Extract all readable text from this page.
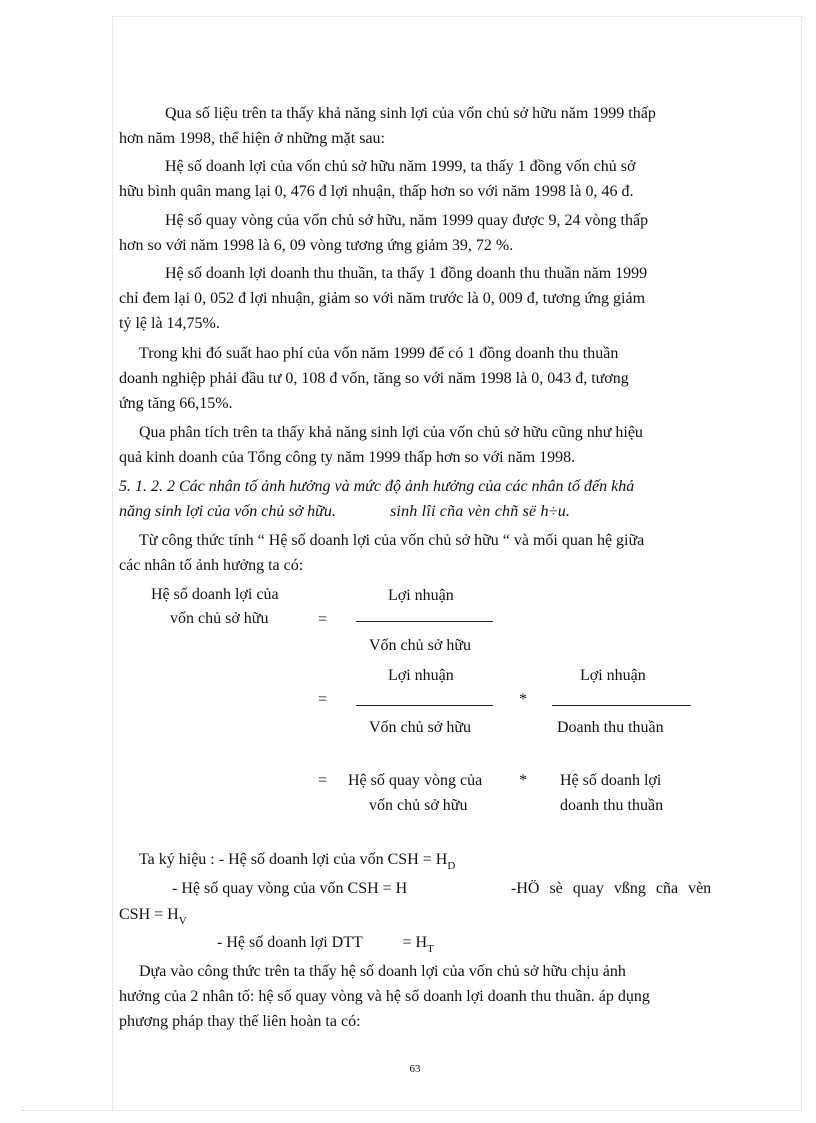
Qua số liệu trên ta thấy khả năng sinh lợi của vốn chủ sở hữu năm 1999 thấp
hơn năm 1998, thể hiện ở những mặt sau:
Hệ số doanh lợi của vốn chủ sở hữu năm 1999, ta thấy 1 đồng vốn chủ sở
hữu bình quân mang lại 0, 476 đ lợi nhuận, thấp hơn so với năm 1998 là 0, 46 đ.
Hệ số quay vòng của vốn chủ sở hữu, năm 1999 quay được 9, 24 vòng thấp
hơn so với năm 1998 là 6, 09 vòng tương ứng giảm 39, 72 %.
Hệ số doanh lợi doanh thu thuần, ta thấy 1 đồng doanh thu thuần năm 1999
chỉ đem lại 0, 052 đ lợi nhuận, giảm so với năm trước là 0, 009 đ, tương ứng giảm
tỷ lệ là 14,75%.
Trong khi đó suất hao phí của vốn năm 1999 để có 1 đồng doanh thu thuần
doanh nghiệp phải đầu tư 0, 108 đ vốn, tăng so với năm 1998 là 0, 043 đ, tương
ứng tăng 66,15%.
Qua phân tích trên ta thấy khả năng sinh lợi của vốn chủ sở hữu cũng như hiệu
quả kinh doanh của Tổng công ty năm 1999 thấp hơn so với năm 1998.
5. 1. 2. 2 Các nhân tố ảnh hưởng và mức độ ảnh hưởng của các nhân tố đến khả
năng sinh lợi của vốn chủ sở hữu.	sinh lîi cña vèn chñ së h÷u.
Từ công thức tính “ Hệ số doanh lợi của vốn chủ sở hữu “ và mối quan hệ giữa
các nhân tố ảnh hưởng ta có:
Hệ số doanh lợi của
vốn chủ sở hữu	=
Lợi nhuận
Vốn chủ sở hữu
=
Lợi nhuận
Vốn chủ sở hữu
*
Lợi nhuận
Doanh thu thuần
= Hệ số quay vòng của
vốn chủ sở hữu
* Hệ số doanh lợi
doanh thu thuần
Ta ký hiệu : - Hệ số doanh lợi của vốn CSH = $H_D$
- Hệ số quay vòng của vốn CSH = H	-HÖ sè quay vßng cña vèn
CSH = $H_V$
- Hệ số doanh lợi DTT          = $H_T$
Dựa vào công thức trên ta thấy hệ số doanh lợi của vốn chủ sở hữu chịu ảnh
hưởng của 2 nhân tố: hệ số quay vòng và hệ số doanh lợi doanh thu thuần. áp dụng
phương pháp thay thế liên hoàn ta có:
63
